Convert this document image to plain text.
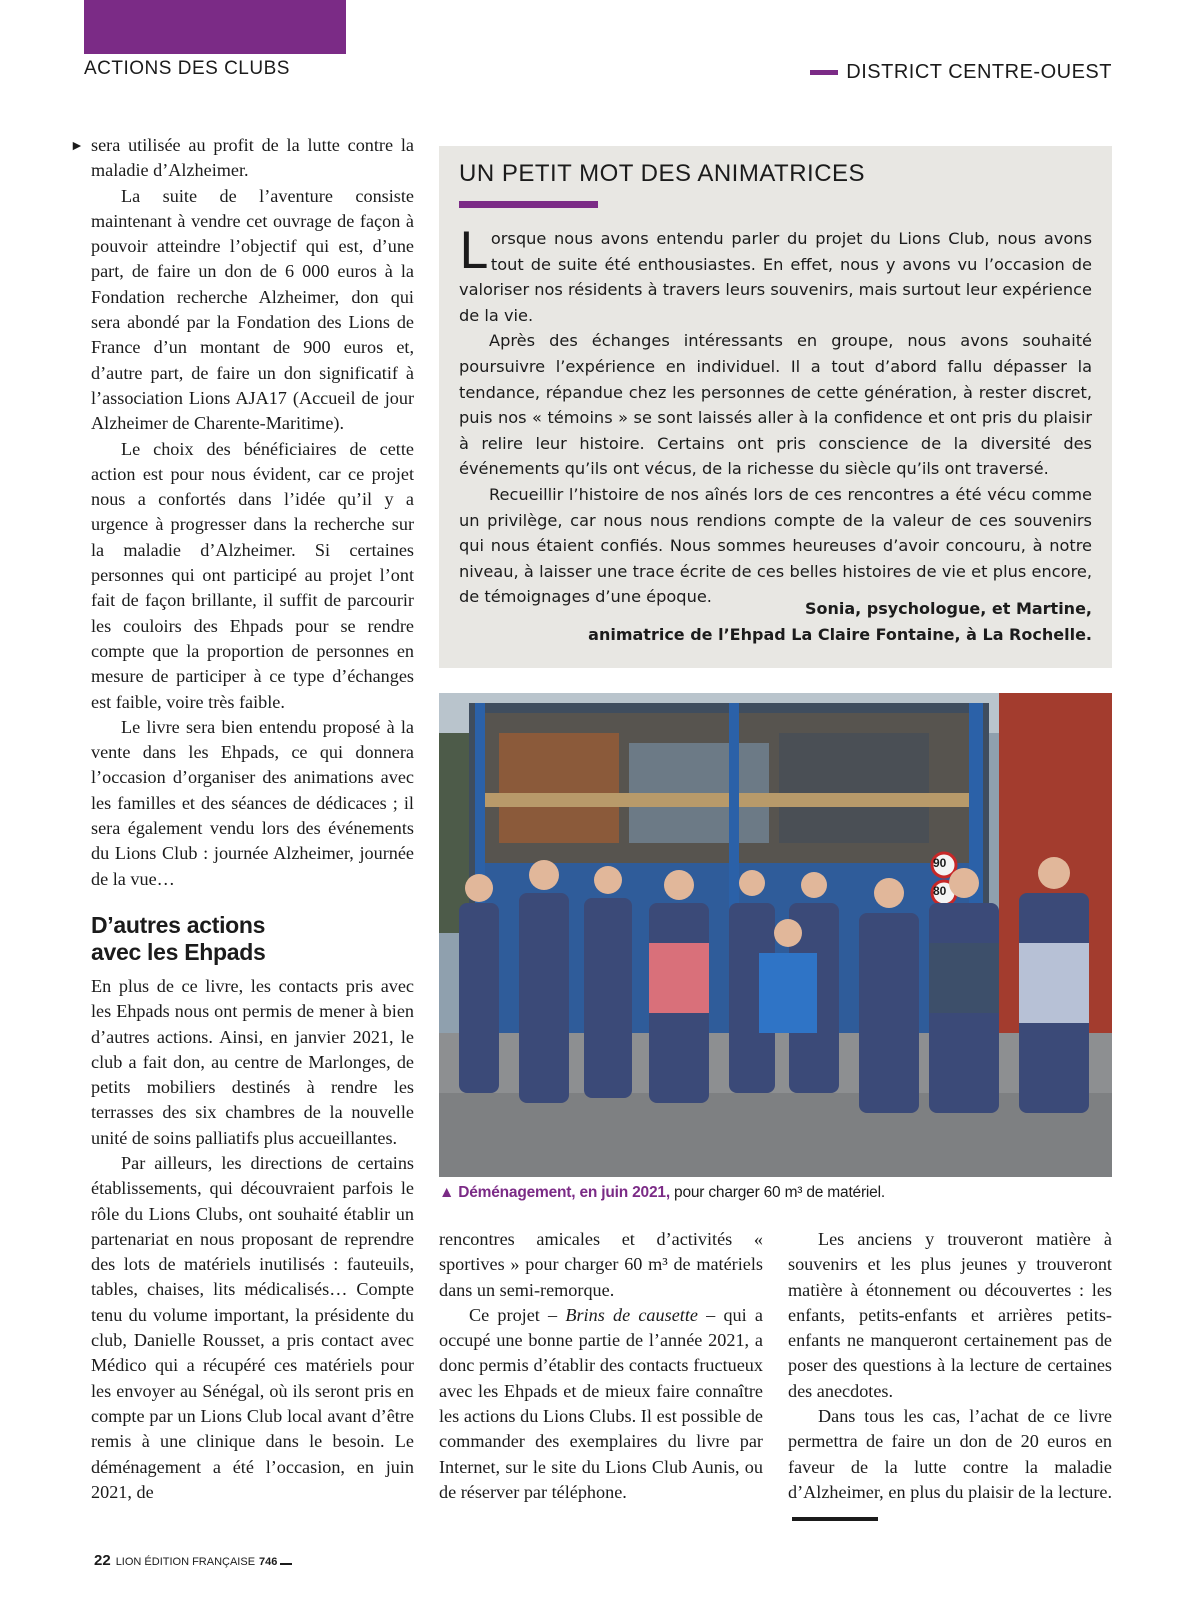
ACTIONS DES CLUBS	DISTRICT CENTRE-OUEST
► sera utilisée au profit de la lutte contre la maladie d’Alzheimer.

La suite de l’aventure consiste maintenant à vendre cet ouvrage de façon à pouvoir atteindre l’objectif qui est, d’une part, de faire un don de 6 000 euros à la Fondation recherche Alzheimer, don qui sera abondé par la Fondation des Lions de France d’un montant de 900 euros et, d’autre part, de faire un don significatif à l’association Lions AJA17 (Accueil de jour Alzheimer de Charente-Maritime).

Le choix des bénéficiaires de cette action est pour nous évident, car ce projet nous a confortés dans l’idée qu’il y a urgence à progresser dans la recherche sur la maladie d’Alzheimer. Si certaines personnes qui ont participé au projet l’ont fait de façon brillante, il suffit de parcourir les couloirs des Ehpads pour se rendre compte que la proportion de personnes en mesure de participer à ce type d’échanges est faible, voire très faible.

Le livre sera bien entendu proposé à la vente dans les Ehpads, ce qui donnera l’occasion d’organiser des animations avec les familles et des séances de dédicaces ; il sera également vendu lors des événements du Lions Club : journée Alzheimer, journée de la vue…

D’autres actions
avec les Ehpads

En plus de ce livre, les contacts pris avec les Ehpads nous ont permis de mener à bien d’autres actions. Ainsi, en janvier 2021, le club a fait don, au centre de Marlonges, de petits mobiliers destinés à rendre les terrasses des six chambres de la nouvelle unité de soins palliatifs plus accueillantes.

Par ailleurs, les directions de certains établissements, qui découvraient parfois le rôle du Lions Clubs, ont souhaité établir un partenariat en nous proposant de reprendre des lots de matériels inutilisés : fauteuils, tables, chaises, lits médicalisés… Compte tenu du volume important, la présidente du club, Danielle Rousset, a pris contact avec Médico qui a récupéré ces matériels pour les envoyer au Sénégal, où ils seront pris en compte par un Lions Club local avant d’être remis à une clinique dans le besoin. Le déménagement a été l’occasion, en juin 2021, de

UN PETIT MOT DES ANIMATRICES

Lorsque nous avons entendu parler du projet du Lions Club, nous avons tout de suite été enthousiastes. En effet, nous y avons vu l’occasion de valoriser nos résidents à travers leurs souvenirs, mais surtout leur expérience de la vie.

Après des échanges intéressants en groupe, nous avons souhaité poursuivre l’expérience en individuel. Il a tout d’abord fallu dépasser la tendance, répandue chez les personnes de cette génération, à rester discret, puis nos « témoins » se sont laissés aller à la confidence et ont pris du plaisir à relire leur histoire. Certains ont pris conscience de la diversité des événements qu’ils ont vécus, de la richesse du siècle qu’ils ont traversé.

Recueillir l’histoire de nos aînés lors de ces rencontres a été vécu comme un privilège, car nous nous rendions compte de la valeur de ces souvenirs qui nous étaient confiés. Nous sommes heureuses d’avoir concouru, à notre niveau, à laisser une trace écrite de ces belles histoires de vie et plus encore, de témoignages d’une époque.

Sonia, psychologue, et Martine,
animatrice de l’Ehpad La Claire Fontaine, à La Rochelle.
90
80
▲ Déménagement, en juin 2021, pour charger 60 m³ de matériel.

rencontres amicales et d’activités « sportives » pour charger 60 m³ de matériels dans un semi-remorque.

Ce projet – Brins de causette – qui a occupé une bonne partie de l’année 2021, a donc permis d’établir des contacts fructueux avec les Ehpads et de mieux faire connaître les actions du Lions Clubs. Il est possible de commander des exemplaires du livre par Internet, sur le site du Lions Club Aunis, ou de réserver par téléphone.

Les anciens y trouveront matière à souvenirs et les plus jeunes y trouveront matière à étonnement ou découvertes : les enfants, petits-enfants et arrières petits-enfants ne manqueront certainement pas de poser des questions à la lecture de certaines des anecdotes.

Dans tous les cas, l’achat de ce livre permettra de faire un don de 20 euros en faveur de la lutte contre la maladie d’Alzheimer, en plus du plaisir de la lecture.

22 LION ÉDITION FRANÇAISE 746
